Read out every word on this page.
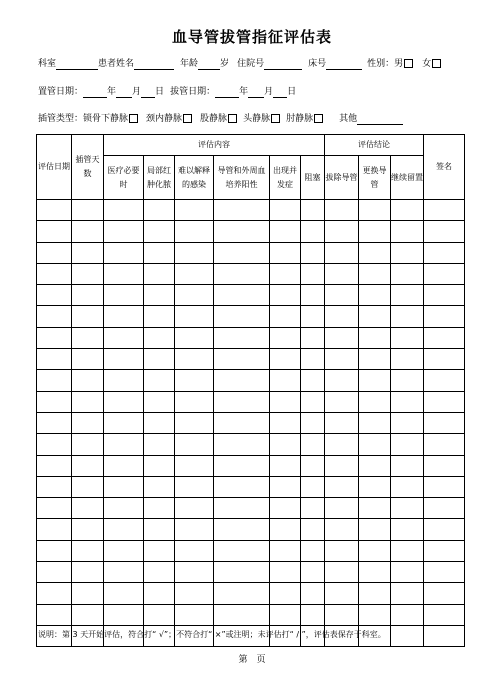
血导管拔管指征评估表
科室	患者姓名	年龄 岁 住院号	床号	性别：男 女
置管日期：	年 月 日 拔管日期：	年 月 日
插管类型：锁骨下静脉 颈内静脉 股静脉 头静脉 肘静脉	其他
评估日期	插管天数	评估内容						评估结论			签名
		医疗必要时	局部红肿化脓	难以解释的感染	导管和外周血培养阳性	出现并发症	阻塞	拔除导管	更换导管	继续留置	

说明：第 3 天开始评估，符合打“ √”；不符合打“ ×”或注明；未评估打“ / ”，评估表保存于科室。
第　页
